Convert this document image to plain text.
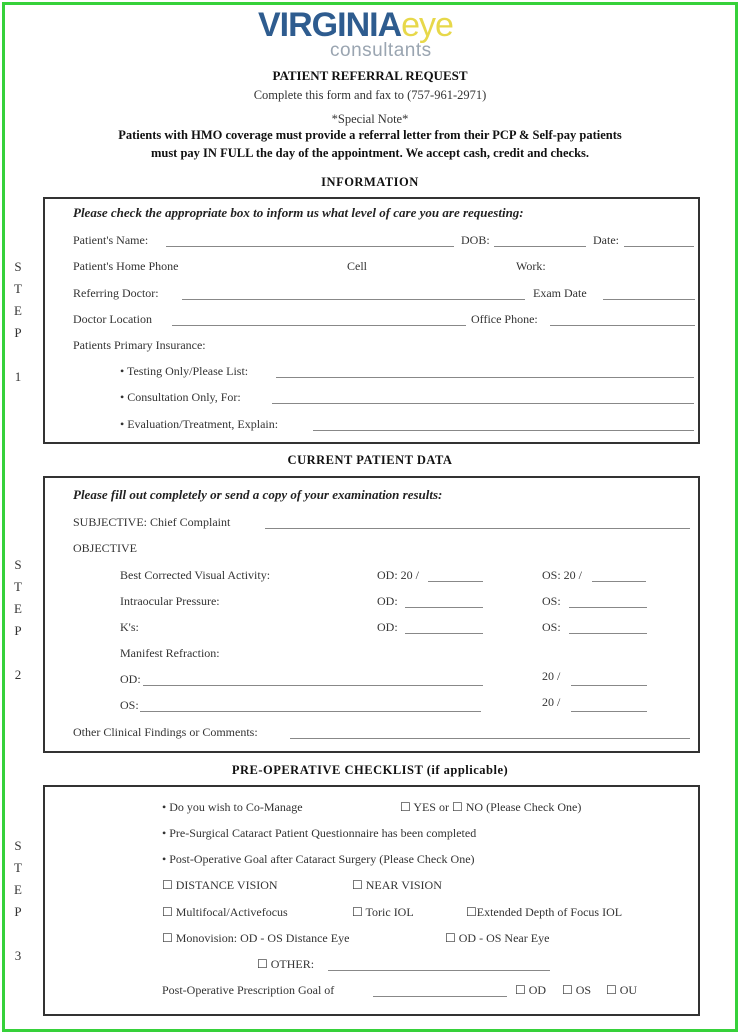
VIRGINIAeye
consultants
PATIENT REFERRAL REQUEST
Complete this form and fax to (757-961-2971)
*Special Note*
Patients with HMO coverage must provide a referral letter from their PCP & Self-pay patients
must pay IN FULL the day of the appointment. We accept cash, credit and checks.
INFORMATION
S
T
E
P
1
Please check the appropriate box to inform us what level of care you are requesting:
Patient's Name:	DOB:	Date:
Patient's Home Phone	Cell	Work:
Referring Doctor:	Exam Date
Doctor Location	Office Phone:
Patients Primary Insurance:
• Testing Only/Please List:
• Consultation Only, For:
• Evaluation/Treatment, Explain:
CURRENT PATIENT DATA
S
T
E
P
2
Please fill out completely or send a copy of your examination results:
SUBJECTIVE: Chief Complaint
OBJECTIVE
Best Corrected Visual Activity:	OD: 20 /	OS: 20 /
Intraocular Pressure:	OD:	OS:
K's:	OD:	OS:
Manifest Refraction:
OD:	20 /
OS:	20 /
Other Clinical Findings or Comments:
PRE-OPERATIVE CHECKLIST (if applicable)
S
T
E
P
3
• Do you wish to Co-Manage	☐ YES or ☐ NO (Please Check One)
• Pre-Surgical Cataract Patient Questionnaire has been completed
• Post-Operative Goal after Cataract Surgery (Please Check One)
☐ DISTANCE VISION	☐ NEAR VISION
☐ Multifocal/Activefocus	☐ Toric IOL	☐Extended Depth of Focus IOL
☐ Monovision: OD - OS Distance Eye	☐ OD - OS Near Eye
☐ OTHER:
Post-Operative Prescription Goal of	☐ OD ☐ OS ☐ OU
